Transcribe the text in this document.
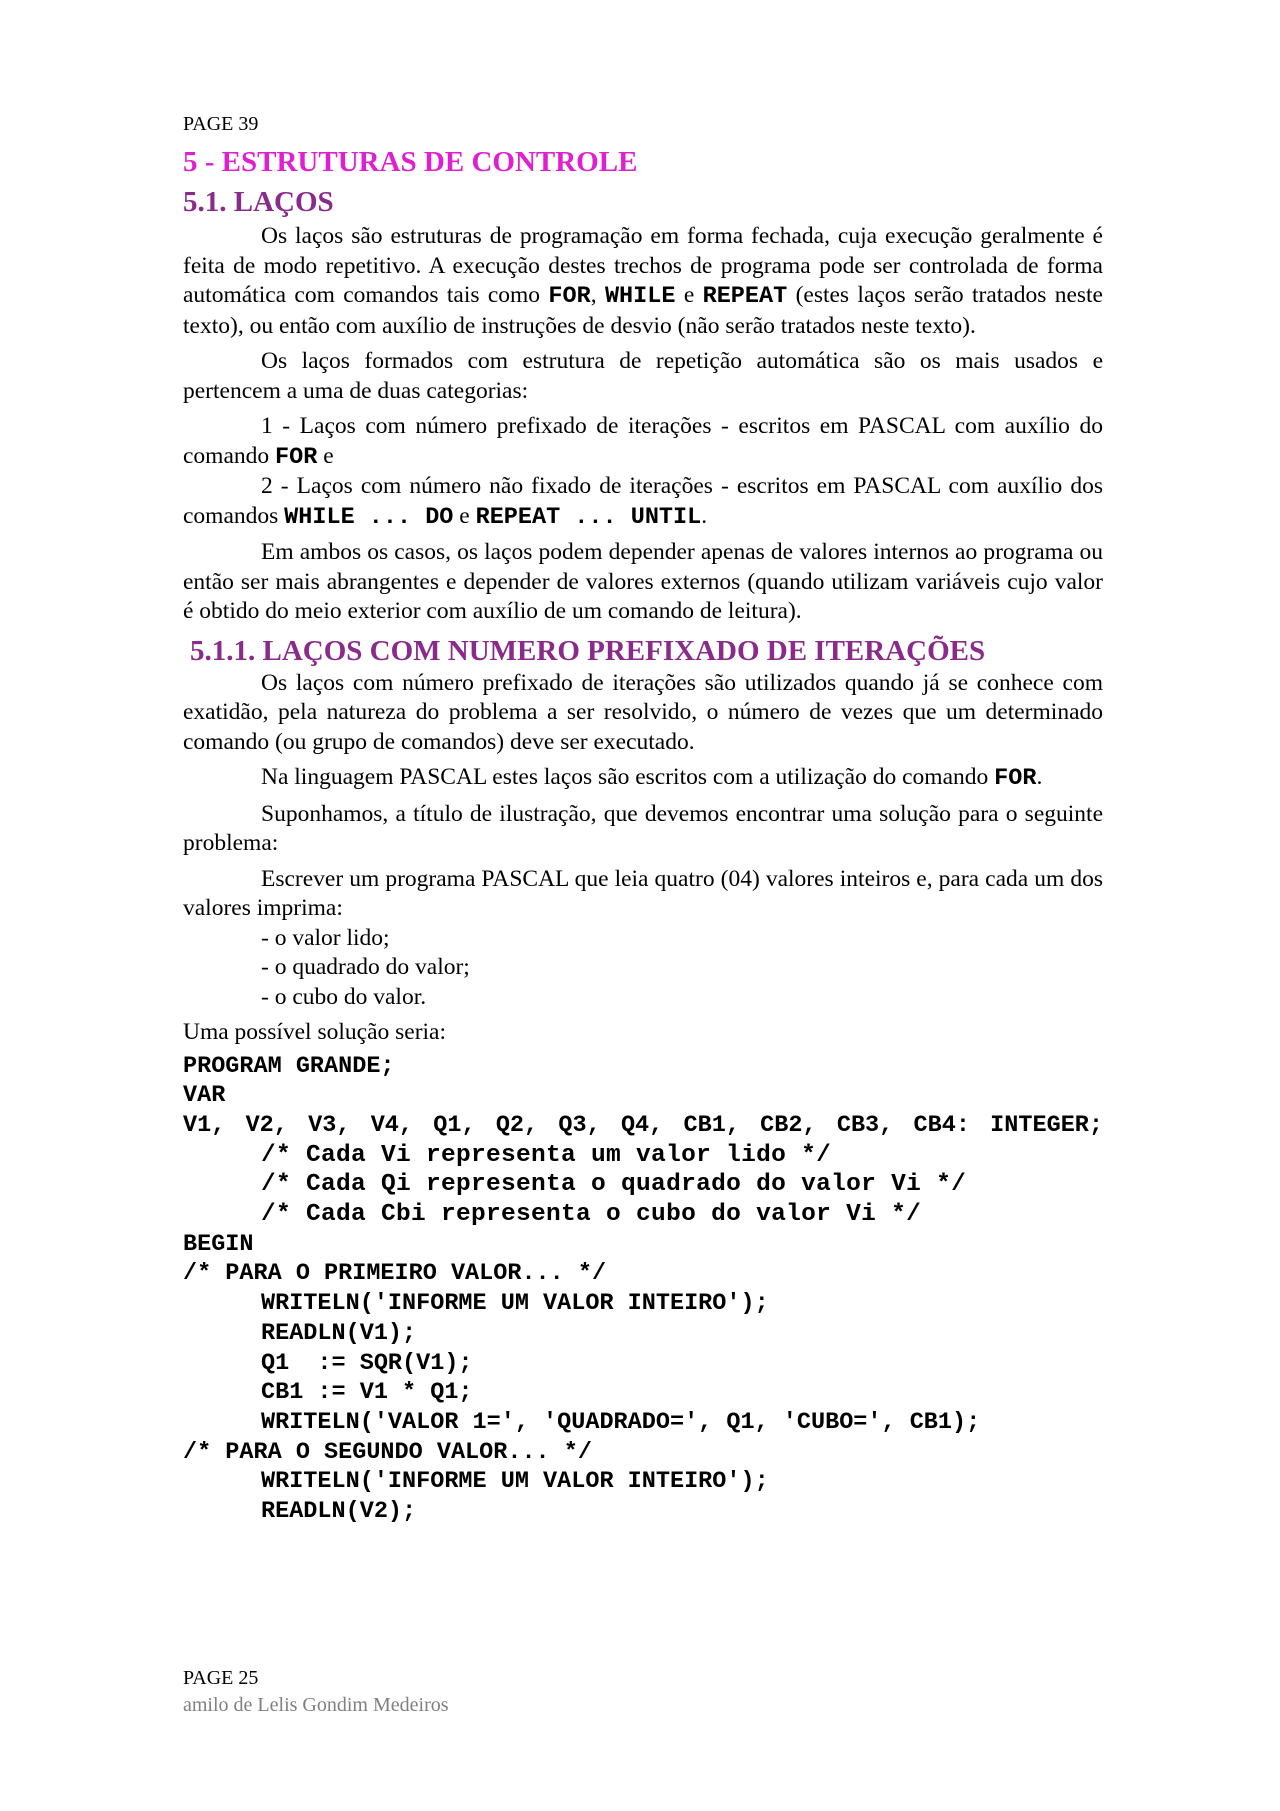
PAGE 39
5 - ESTRUTURAS DE CONTROLE
5.1. LAÇOS

Os laços são estruturas de programação em forma fechada, cuja execução geralmente é feita de modo repetitivo. A execução destes trechos de programa pode ser controlada de forma automática com comandos tais como FOR, WHILE e REPEAT (estes laços serão tratados neste texto), ou então com auxílio de instruções de desvio (não serão tratados neste texto).

Os laços formados com estrutura de repetição automática são os mais usados e pertencem a uma de duas categorias:

1 - Laços com número prefixado de iterações - escritos em PASCAL com auxílio do comando FOR e

2 - Laços com número não fixado de iterações - escritos em PASCAL com auxílio dos comandos WHILE ... DO e REPEAT ... UNTIL.

Em ambos os casos, os laços podem depender apenas de valores internos ao programa ou então ser mais abrangentes e depender de valores externos (quando utilizam variáveis cujo valor é obtido do meio exterior com auxílio de um comando de leitura).

5.1.1. LAÇOS COM NUMERO PREFIXADO DE ITERAÇÕES

Os laços com número prefixado de iterações são utilizados quando já se conhece com exatidão, pela natureza do problema a ser resolvido, o número de vezes que um determinado comando (ou grupo de comandos) deve ser executado.

Na linguagem PASCAL estes laços são escritos com a utilização do comando FOR.

Suponhamos, a título de ilustração, que devemos encontrar uma solução para o seguinte problema:

Escrever um programa PASCAL que leia quatro (04) valores inteiros e, para cada um dos valores imprima:

- o valor lido;
- o quadrado do valor;
- o cubo do valor.

Uma possível solução seria:

PROGRAM GRANDE;
VAR
V1, V2, V3, V4, Q1, Q2, Q3, Q4, CB1, CB2, CB3, CB4: INTEGER;
/* Cada Vi representa um valor lido */
/* Cada Qi representa o quadrado do valor Vi */
/* Cada Cbi representa o cubo do valor Vi */
BEGIN
/* PARA O PRIMEIRO VALOR... */
WRITELN('INFORME UM VALOR INTEIRO');
READLN(V1);
Q1  := SQR(V1);
CB1 := V1 * Q1;
WRITELN('VALOR 1=', 'QUADRADO=', Q1, 'CUBO=', CB1);
/* PARA O SEGUNDO VALOR... */
WRITELN('INFORME UM VALOR INTEIRO');
READLN(V2);
PAGE 25
amilo de Lelis Gondim Medeiros
